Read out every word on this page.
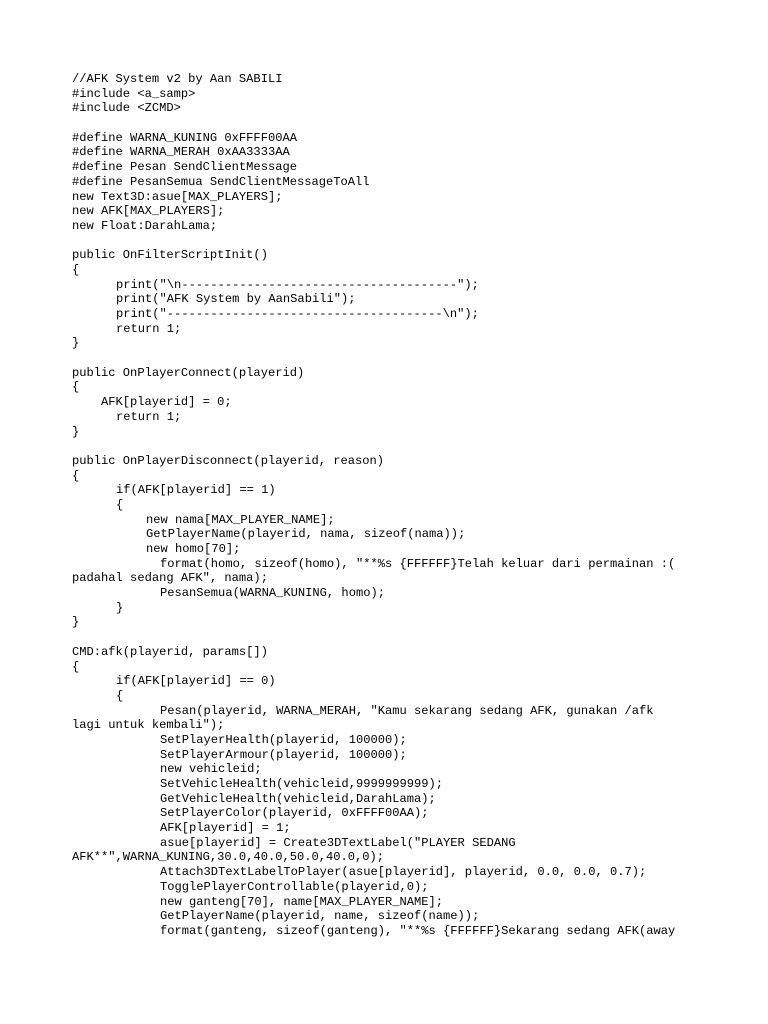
//AFK System v2 by Aan SABILI
#include <a_samp>
#include <ZCMD>
#define WARNA_KUNING 0xFFFF00AA
#define WARNA_MERAH 0xAA3333AA
#define Pesan SendClientMessage
#define PesanSemua SendClientMessageToAll
new Text3D:asue[MAX_PLAYERS];
new AFK[MAX_PLAYERS];
new Float:DarahLama;
public OnFilterScriptInit()
{
print("\n--------------------------------------");
print("AFK System by AanSabili");
print("--------------------------------------\n");
return 1;
}
public OnPlayerConnect(playerid)
{
AFK[playerid] = 0;
return 1;
}
public OnPlayerDisconnect(playerid, reason)
{
if(AFK[playerid] == 1)
{
new nama[MAX_PLAYER_NAME];
GetPlayerName(playerid, nama, sizeof(nama));
new homo[70];
format(homo, sizeof(homo), "**%s {FFFFFF}Telah keluar dari permainan :(
padahal sedang AFK", nama);
PesanSemua(WARNA_KUNING, homo);
}
}
CMD:afk(playerid, params[])
{
if(AFK[playerid] == 0)
{
Pesan(playerid, WARNA_MERAH, "Kamu sekarang sedang AFK, gunakan /afk
lagi untuk kembali");
SetPlayerHealth(playerid, 100000);
SetPlayerArmour(playerid, 100000);
new vehicleid;
SetVehicleHealth(vehicleid,9999999999);
GetVehicleHealth(vehicleid,DarahLama);
SetPlayerColor(playerid, 0xFFFF00AA);
AFK[playerid] = 1;
asue[playerid] = Create3DTextLabel("PLAYER SEDANG
AFK**",WARNA_KUNING,30.0,40.0,50.0,40.0,0);
Attach3DTextLabelToPlayer(asue[playerid], playerid, 0.0, 0.0, 0.7);
TogglePlayerControllable(playerid,0);
new ganteng[70], name[MAX_PLAYER_NAME];
GetPlayerName(playerid, name, sizeof(name));
format(ganteng, sizeof(ganteng), "**%s {FFFFFF}Sekarang sedang AFK(away
